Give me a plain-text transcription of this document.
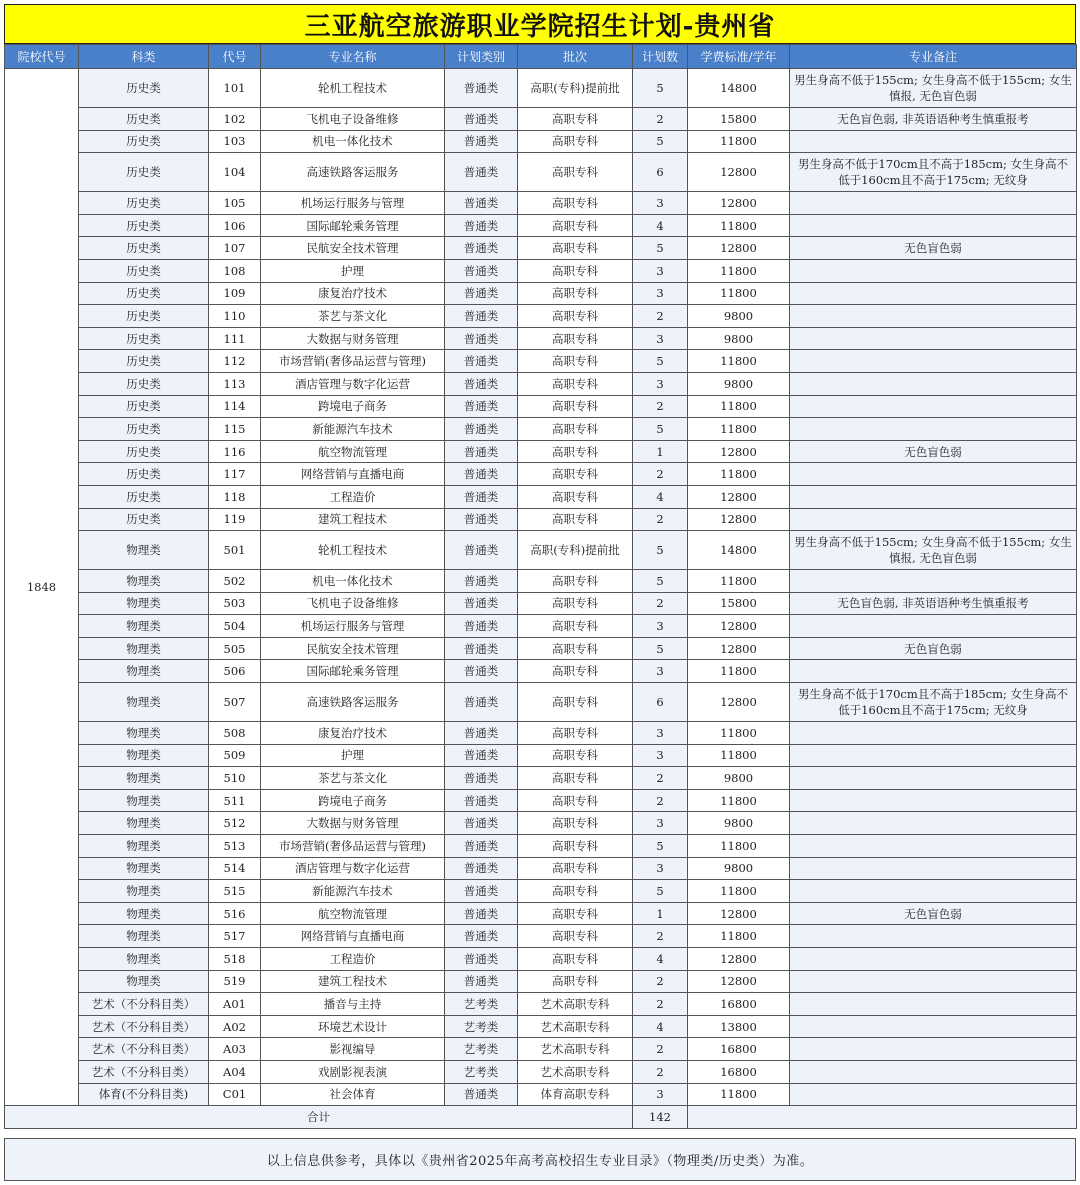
三亚航空旅游职业学院招生计划-贵州省
院校代号	科类	代号	专业名称	计划类别	批次	计划数	学费标准/学年	专业备注
1848	历史类	101	轮机工程技术	普通类	高职(专科)提前批	5	14800	男生身高不低于155cm; 女生身高不低于155cm; 女生慎报, 无色盲色弱
	历史类	102	飞机电子设备维修	普通类	高职专科	2	15800	无色盲色弱, 非英语语种考生慎重报考
	历史类	103	机电一体化技术	普通类	高职专科	5	11800	
	历史类	104	高速铁路客运服务	普通类	高职专科	6	12800	男生身高不低于170cm且不高于185cm; 女生身高不低于160cm且不高于175cm; 无纹身
	历史类	105	机场运行服务与管理	普通类	高职专科	3	12800	
	历史类	106	国际邮轮乘务管理	普通类	高职专科	4	11800	
	历史类	107	民航安全技术管理	普通类	高职专科	5	12800	无色盲色弱
	历史类	108	护理	普通类	高职专科	3	11800	
	历史类	109	康复治疗技术	普通类	高职专科	3	11800	
	历史类	110	茶艺与茶文化	普通类	高职专科	2	9800	
	历史类	111	大数据与财务管理	普通类	高职专科	3	9800	
	历史类	112	市场营销(奢侈品运营与管理)	普通类	高职专科	5	11800	
	历史类	113	酒店管理与数字化运营	普通类	高职专科	3	9800	
	历史类	114	跨境电子商务	普通类	高职专科	2	11800	
	历史类	115	新能源汽车技术	普通类	高职专科	5	11800	
	历史类	116	航空物流管理	普通类	高职专科	1	12800	无色盲色弱
	历史类	117	网络营销与直播电商	普通类	高职专科	2	11800	
	历史类	118	工程造价	普通类	高职专科	4	12800	
	历史类	119	建筑工程技术	普通类	高职专科	2	12800	
	物理类	501	轮机工程技术	普通类	高职(专科)提前批	5	14800	男生身高不低于155cm; 女生身高不低于155cm; 女生慎报, 无色盲色弱
	物理类	502	机电一体化技术	普通类	高职专科	5	11800	
	物理类	503	飞机电子设备维修	普通类	高职专科	2	15800	无色盲色弱, 非英语语种考生慎重报考
	物理类	504	机场运行服务与管理	普通类	高职专科	3	12800	
	物理类	505	民航安全技术管理	普通类	高职专科	5	12800	无色盲色弱
	物理类	506	国际邮轮乘务管理	普通类	高职专科	3	11800	
	物理类	507	高速铁路客运服务	普通类	高职专科	6	12800	男生身高不低于170cm且不高于185cm; 女生身高不低于160cm且不高于175cm; 无纹身
	物理类	508	康复治疗技术	普通类	高职专科	3	11800	
	物理类	509	护理	普通类	高职专科	3	11800	
	物理类	510	茶艺与茶文化	普通类	高职专科	2	9800	
	物理类	511	跨境电子商务	普通类	高职专科	2	11800	
	物理类	512	大数据与财务管理	普通类	高职专科	3	9800	
	物理类	513	市场营销(奢侈品运营与管理)	普通类	高职专科	5	11800	
	物理类	514	酒店管理与数字化运营	普通类	高职专科	3	9800	
	物理类	515	新能源汽车技术	普通类	高职专科	5	11800	
	物理类	516	航空物流管理	普通类	高职专科	1	12800	无色盲色弱
	物理类	517	网络营销与直播电商	普通类	高职专科	2	11800	
	物理类	518	工程造价	普通类	高职专科	4	12800	
	物理类	519	建筑工程技术	普通类	高职专科	2	12800	
	艺术（不分科目类）	A01	播音与主持	艺考类	艺术高职专科	2	16800	
	艺术（不分科目类）	A02	环境艺术设计	艺考类	艺术高职专科	4	13800	
	艺术（不分科目类）	A03	影视编导	艺考类	艺术高职专科	2	16800	
	艺术（不分科目类）	A04	戏剧影视表演	艺考类	艺术高职专科	2	16800	
	体育(不分科目类)	C01	社会体育	普通类	体育高职专科	3	11800	
合计						142		
以上信息供参考，具体以《贵州省2025年高考高校招生专业目录》（物理类/历史类）为准。
